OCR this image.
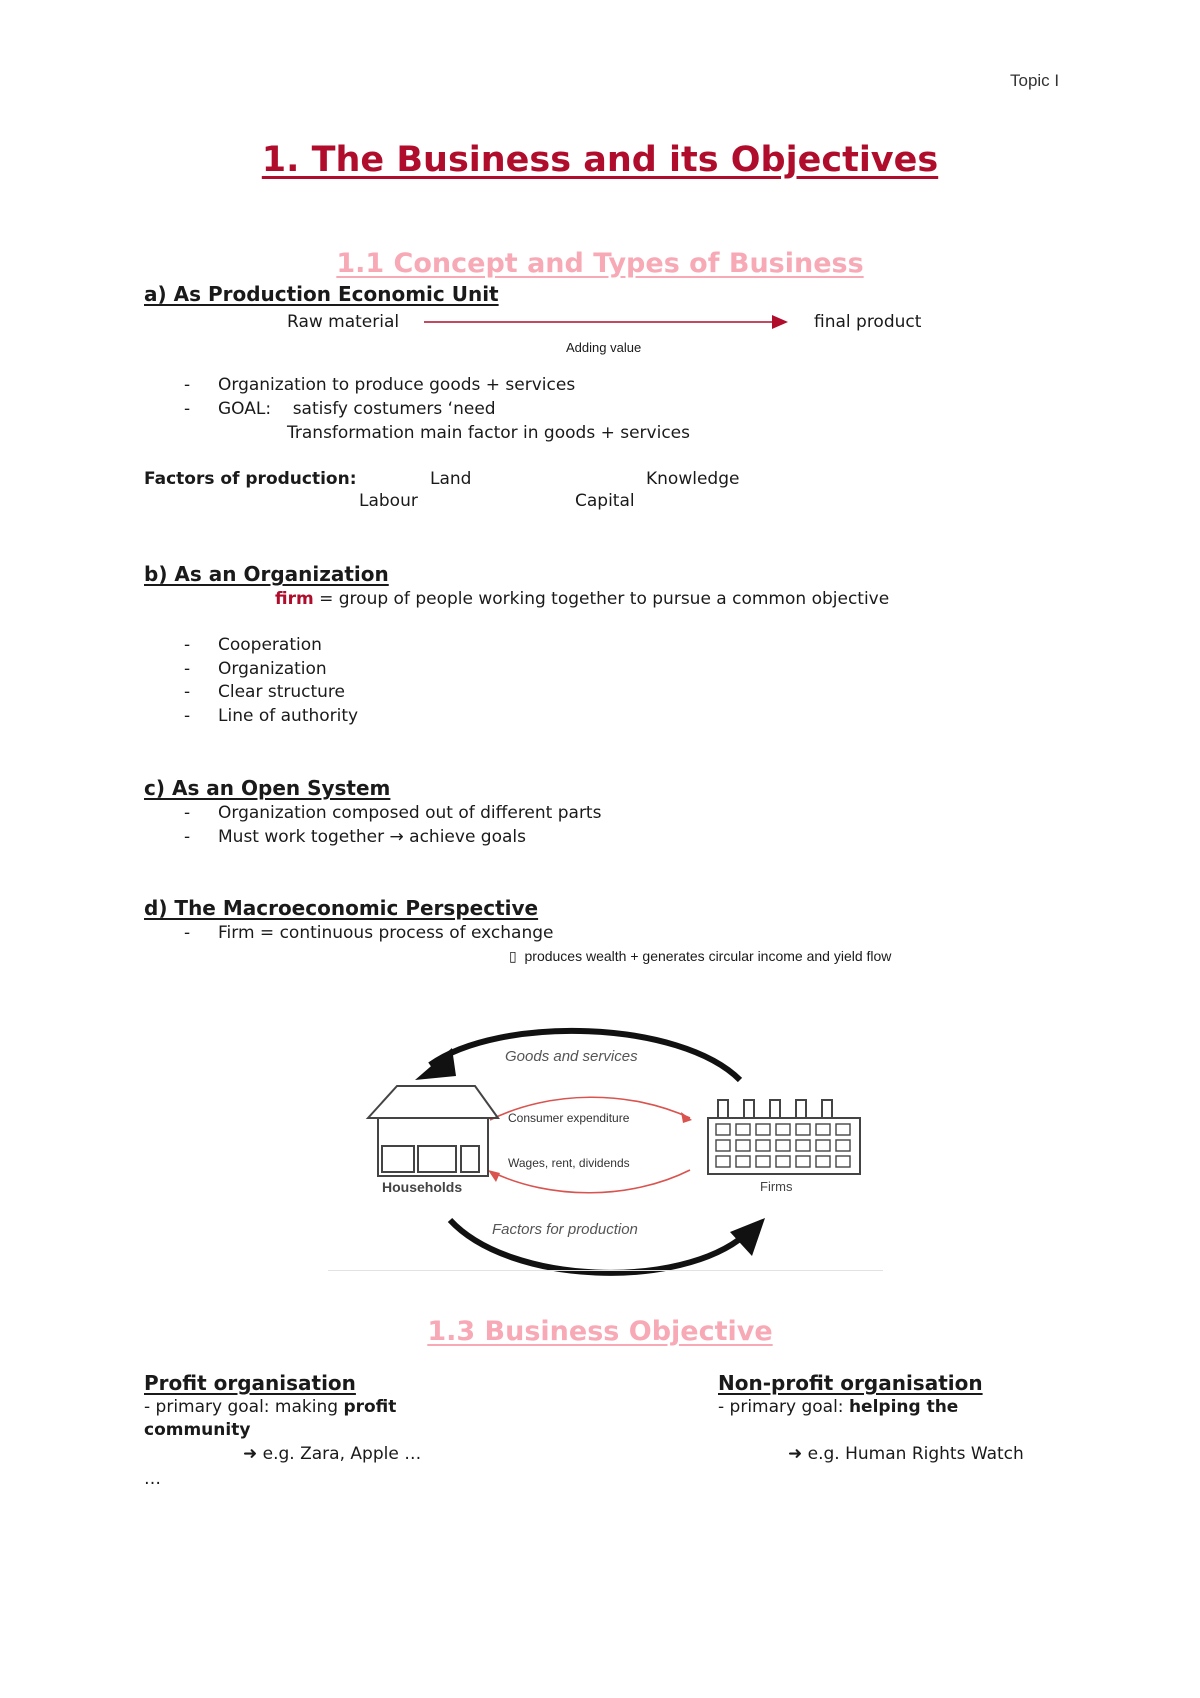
Topic I
1. The Business and its Objectives
1.1 Concept and Types of Business
a) As Production Economic Unit
Raw material	final product
Adding value
- Organization to produce goods + services
- GOAL:    satisfy costumers ‘need
Transformation main factor in goods + services
Factors of production:	Land	Knowledge
Labour	Capital
b) As an Organization
firm = group of people working together to pursue a common objective
- Cooperation
- Organization
- Clear structure
- Line of authority
c) As an Open System
- Organization composed out of different parts
- Must work together → achieve goals
d) The Macroeconomic Perspective
- Firm = continuous process of exchange
▯ produces wealth + generates circular income and yield flow
Goods and services
Factors for production
Consumer expenditure
Wages, rent, dividends
Households	Firms
1.3 Business Objective
Profit organisation
- primary goal: making profit
community
➜ e.g. Zara, Apple …
…
Non-profit organisation
- primary goal: helping the
➜ e.g. Human Rights Watch
